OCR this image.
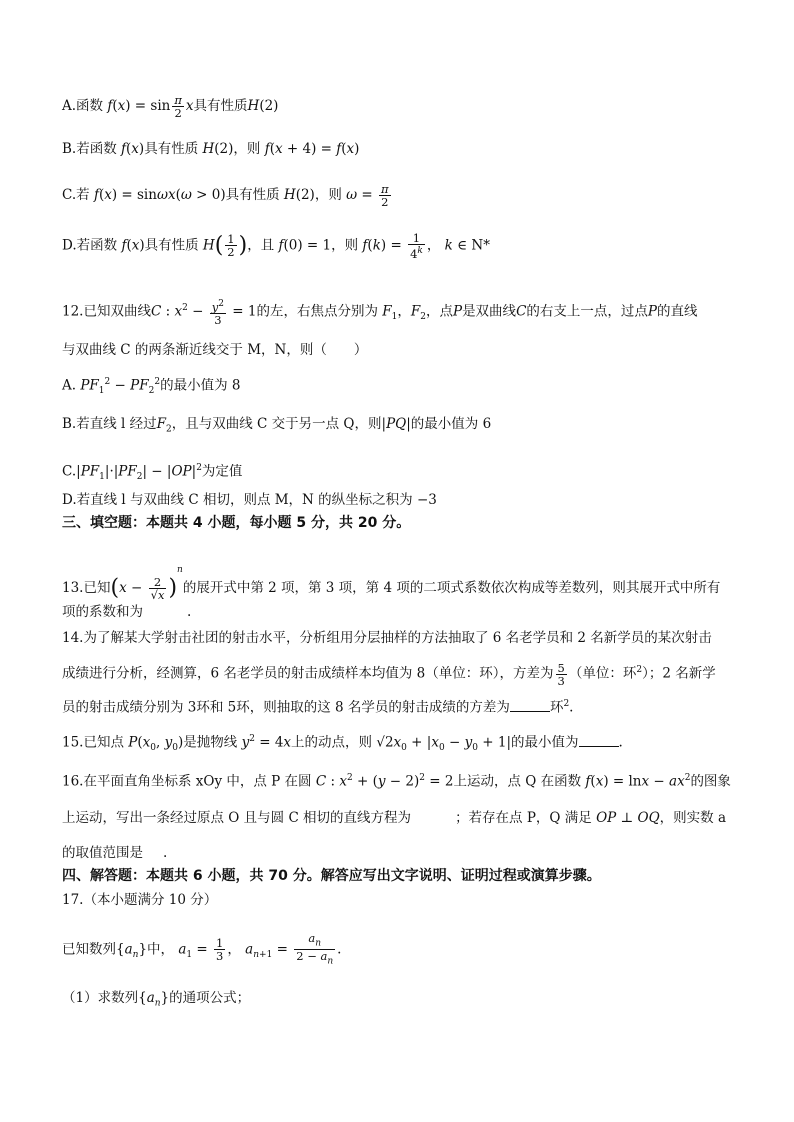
A.函数 $f(x) = \sin \frac{\pi}{2}$ x具有性质H(2)
B.若函数 f(x)具有性质 H(2)，则 f(x + 4) = f(x)
C.若 f(x) = sinωx(ω > 0)具有性质 H(2)，则 $\omega = \frac{\pi}{2}$
D.若函数 f(x)具有性质 $H( \frac{1}{2}$ )，且 f(0) = 1，则 $f(k) = \frac{1}{4^k}$ ， k ∈ N*
12.已知双曲线C : $x^2 - \frac{y^2}{3} = 1$的左，右焦点分别为 $F_1$，$F_2$，点P是双曲线C的右支上一点，过点P的直线
与双曲线 C 的两条渐近线交于 M，N，则（　　）
A. $PF_1^2 - PF_2^2$的最小值为 8
B.若直线 l 经过$F_2$，且与双曲线 C 交于另一点 Q，则|PQ|的最小值为 6
$C.|PF_1|\cdot|PF_2| - |OP|^2$为定值
D.若直线 l 与双曲线 C 相切，则点 M，N 的纵坐标之积为 −3
三、填空题：本题共 4 小题，每小题 5 分，共 20 分。
13.已知$(x - \frac{2}{√x} )^n$的展开式中第 2 项，第 3 项，第 4 项的二项式系数依次构成等差数列，则其展开式中所有
项的系数和为	.
14.为了解某大学射击社团的射击水平，分析组用分层抽样的方法抽取了 6 名老学员和 2 名新学员的某次射击
成绩进行分析，经测算，6 名老学员的射击成绩样本均值为 8（单位：环），方差为 $\frac{5}{3}$ （单位：环$^2$）；2 名新学
员的射击成绩分别为 3环和 5环，则抽取的这 8 名学员的射击成绩的方差为	环$^2$.
15.已知点 $P(x_0$, $y_0$)是抛物线 $y^2 = 4x$上的动点，则 $√2x_0 + |x_0 - y_0 + 1|$的最小值为	.
16.在平面直角坐标系 xOy 中，点 P 在圆 C : $x^2 + (y - 2)^2 = 2$上运动，点 Q 在函数 $f(x) = \ln x - ax^2$的图象
上运动，写出一条经过原点 O 且与圆 C 相切的直线方程为	；若存在点 P，Q 满足 OP ⊥ OQ，则实数 a
的取值范围是 .
四、解答题：本题共 6 小题，共 70 分。解答应写出文字说明、证明过程或演算步骤。
17.（本小题满分 10 分）
已知数列$\{a_n\}$中， $a_1 = \frac{1}{3}$ ， $a_{n+1} = \frac{a_n}{2 - a_n}$ .
（1）求数列$\{a_n\}$的通项公式；
